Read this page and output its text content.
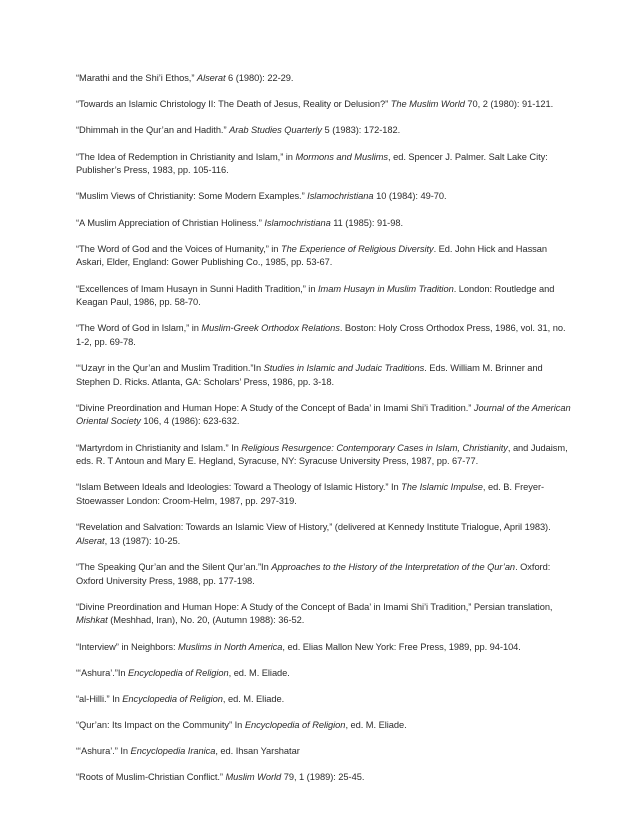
“Marathi and the Shi’i Ethos,” Alserat 6 (1980): 22-29.

“Towards an Islamic Christology II: The Death of Jesus, Reality or Delusion?” The Muslim World 70, 2 (1980): 91-121.

“Dhimmah in the Qur’an and Hadith.” Arab Studies Quarterly 5 (1983): 172-182.

“The Idea of Redemption in Christianity and Islam,” in Mormons and Muslims, ed. Spencer J. Palmer. Salt Lake City: Publisher’s Press, 1983, pp. 105-116.

“Muslim Views of Christianity: Some Modern Examples.” Islamochristiana 10 (1984): 49-70.

“A Muslim Appreciation of Christian Holiness.” Islamochristiana 11 (1985): 91-98.

“The Word of God and the Voices of Humanity,” in The Experience of Religious Diversity. Ed. John Hick and Hassan Askari, Elder, England: Gower Publishing Co., 1985, pp. 53-67.

“Excellences of Imam Husayn in Sunni Hadith Tradition,” in Imam Husayn in Muslim Tradition. London: Routledge and Keagan Paul, 1986, pp. 58-70.

“The Word of God in Islam,” in Muslim-Greek Orthodox Relations. Boston: Holy Cross Orthodox Press, 1986, vol. 31, no. 1-2, pp. 69-78.

“‘Uzayr in the Qur’an and Muslim Tradition.”In Studies in Islamic and Judaic Traditions. Eds. William M. Brinner and Stephen D. Ricks. Atlanta, GA: Scholars’ Press, 1986, pp. 3-18.

“Divine Preordination and Human Hope: A Study of the Concept of Bada’ in Imami Shi’i Tradition.” Journal of the American Oriental Society 106, 4 (1986): 623-632.

“Martyrdom in Christianity and Islam.” In Religious Resurgence: Contemporary Cases in Islam, Christianity, and Judaism, eds. R. T Antoun and Mary E. Hegland, Syracuse, NY: Syracuse University Press, 1987, pp. 67-77.

“Islam Between Ideals and Ideologies: Toward a Theology of Islamic History.” In The Islamic Impulse, ed. B. Freyer-Stoewasser London: Croom-Helm, 1987, pp. 297-319.

“Revelation and Salvation: Towards an Islamic View of History,” (delivered at Kennedy Institute Trialogue, April 1983). Alserat, 13 (1987): 10-25.

“The Speaking Qur’an and the Silent Qur’an.”In Approaches to the History of the Interpretation of the Qur’an. Oxford: Oxford University Press, 1988, pp. 177-198.

“Divine Preordination and Human Hope: A Study of the Concept of Bada’ in Imami Shi’i Tradition,” Persian translation, Mishkat (Meshhad, Iran), No. 20, (Autumn 1988): 36-52.

“Interview” in Neighbors: Muslims in North America, ed. Elias Mallon New York: Free Press, 1989, pp. 94-104.

“‘Ashura’.”In Encyclopedia of Religion, ed. M. Eliade.

“al-Hilli.” In Encyclopedia of Religion, ed. M. Eliade.

“Qur’an: Its Impact on the Community” In Encyclopedia of Religion, ed. M. Eliade.

“‘Ashura’.” In Encyclopedia Iranica, ed. Ihsan Yarshatar

“Roots of Muslim-Christian Conflict.” Muslim World 79, 1 (1989): 25-45.
